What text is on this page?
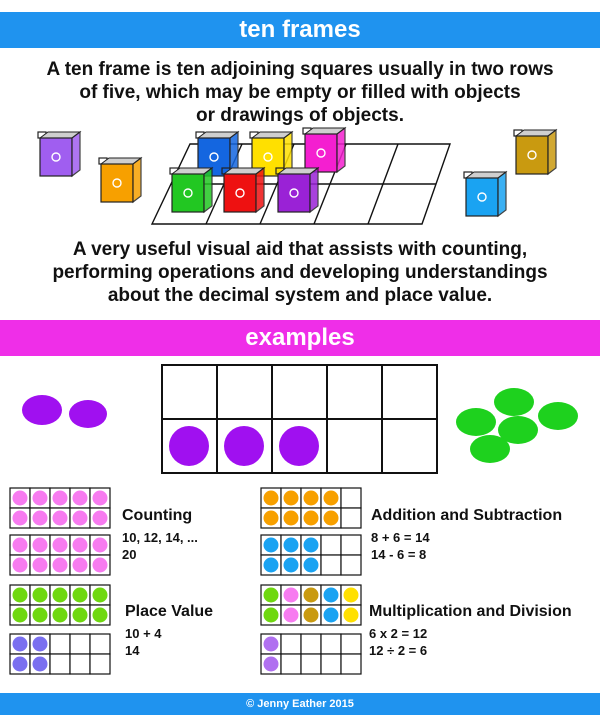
ten frames
A ten frame is ten adjoining squares usually in two rows
of five, which may be empty or filled with objects
or drawings of objects.
A very useful visual aid that assists with counting,
performing operations and developing understandings
about the decimal system and place value.
examples
Counting
10, 12, 14, ...
20
Addition and Subtraction
8 + 6 = 14
14 - 6 = 8
Place Value
10 + 4
14
Multiplication and Division
6 x 2 = 12
12 ÷ 2 = 6
© Jenny Eather 2015
